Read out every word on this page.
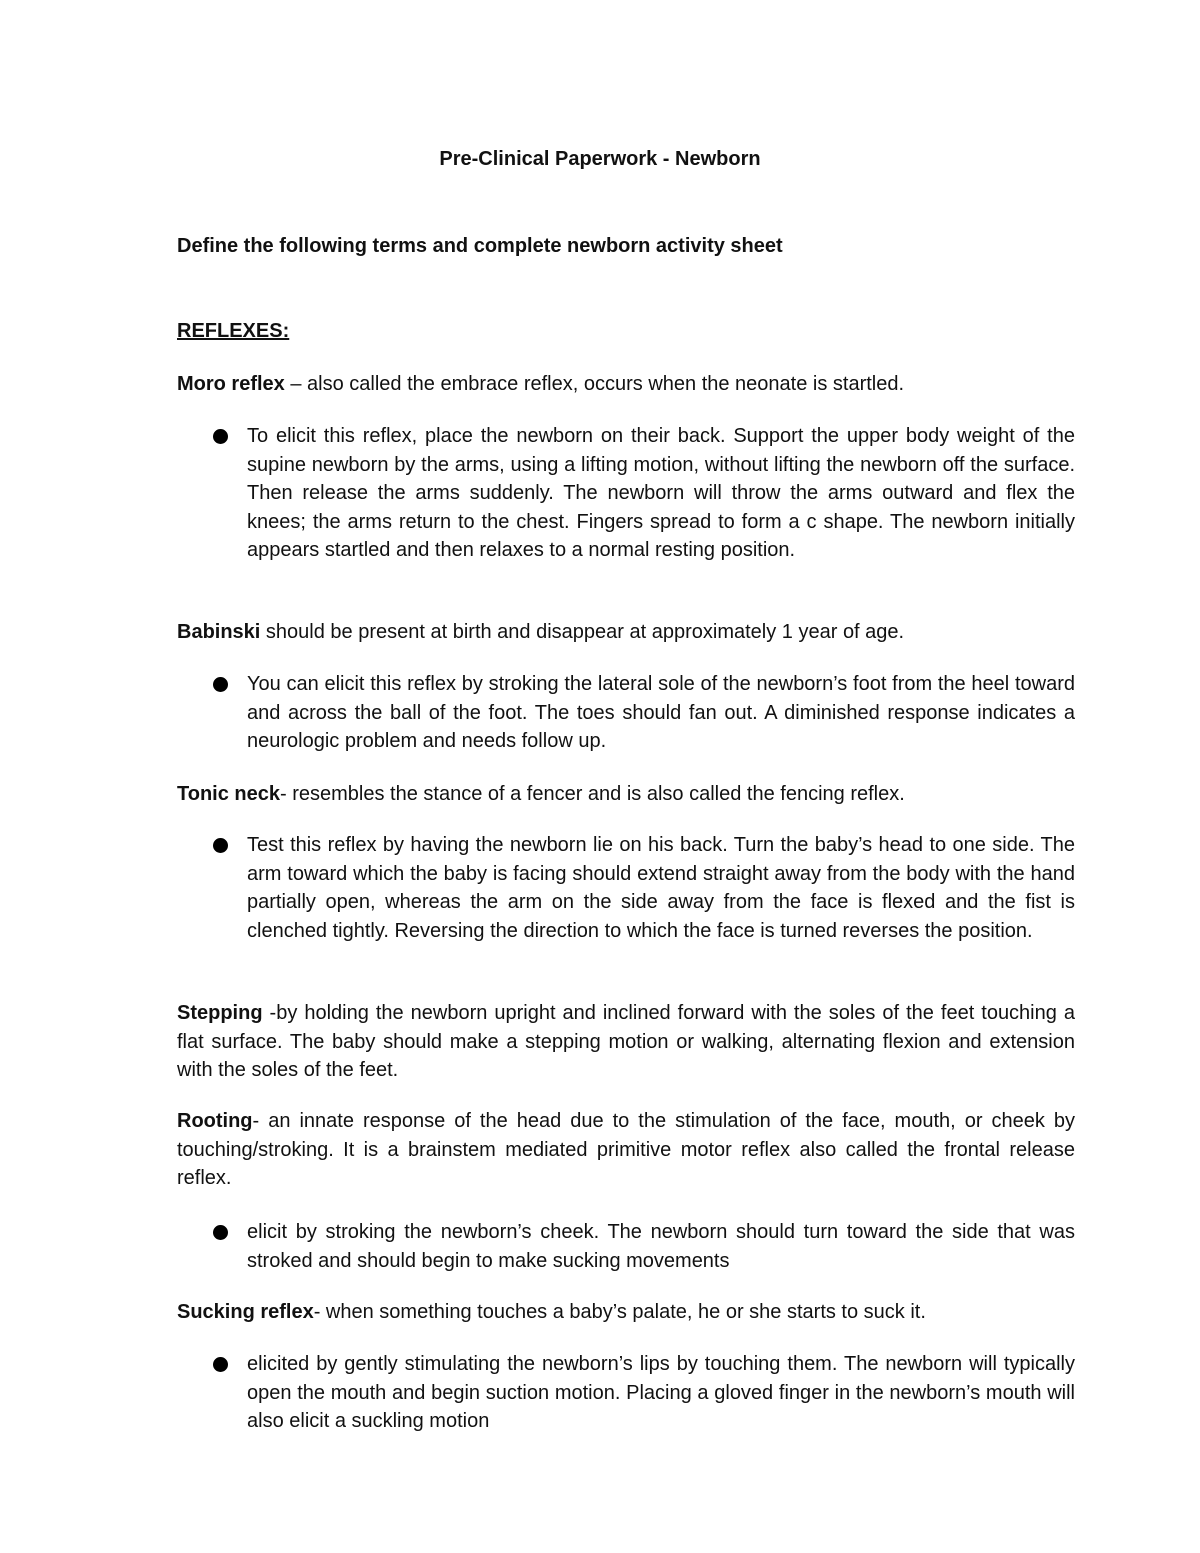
Pre-Clinical Paperwork - Newborn

Define the following terms and complete newborn activity sheet

REFLEXES:

Moro reflex – also called the embrace reflex, occurs when the neonate is startled.

To elicit this reflex, place the newborn on their back. Support the upper body weight of the supine newborn by the arms, using a lifting motion, without lifting the newborn off the surface. Then release the arms suddenly. The newborn will throw the arms outward and flex the knees; the arms return to the chest. Fingers spread to form a c shape. The newborn initially appears startled and then relaxes to a normal resting position.

Babinski should be present at birth and disappear at approximately 1 year of age.

You can elicit this reflex by stroking the lateral sole of the newborn’s foot from the heel toward and across the ball of the foot. The toes should fan out. A diminished response indicates a neurologic problem and needs follow up.

Tonic neck- resembles the stance of a fencer and is also called the fencing reflex.

Test this reflex by having the newborn lie on his back. Turn the baby’s head to one side. The arm toward which the baby is facing should extend straight away from the body with the hand partially open, whereas the arm on the side away from the face is flexed and the fist is clenched tightly. Reversing the direction to which the face is turned reverses the position.

Stepping -by holding the newborn upright and inclined forward with the soles of the feet touching a flat surface. The baby should make a stepping motion or walking, alternating flexion and extension with the soles of the feet.

Rooting- an innate response of the head due to the stimulation of the face, mouth, or cheek by touching/stroking. It is a brainstem mediated primitive motor reflex also called the frontal release reflex.

elicit by stroking the newborn’s cheek. The newborn should turn toward the side that was stroked and should begin to make sucking movements

Sucking reflex- when something touches a baby’s palate, he or she starts to suck it.

elicited by gently stimulating the newborn’s lips by touching them. The newborn will typically open the mouth and begin suction motion. Placing a gloved finger in the newborn’s mouth will also elicit a suckling motion
